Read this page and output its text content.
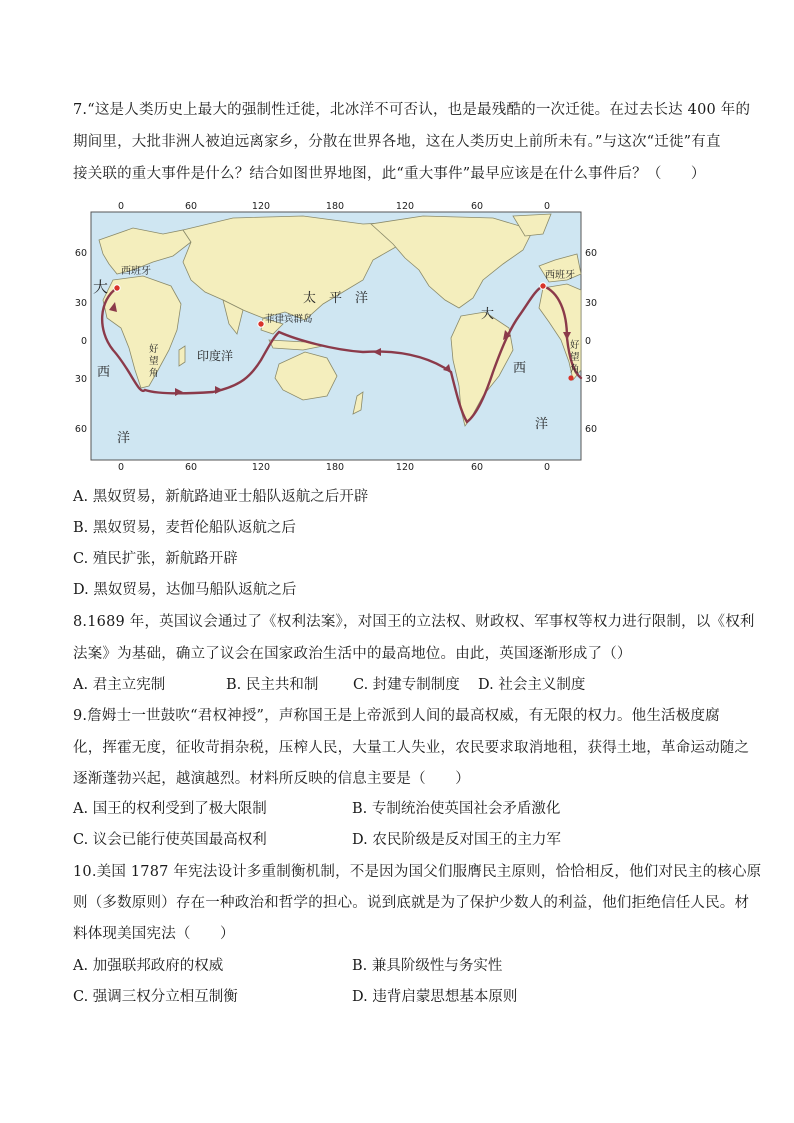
7.“这是人类历史上最大的强制性迁徙，北冰洋不可否认，也是最残酷的一次迁徙。在过去长达 400 年的
期间里，大批非洲人被迫远离家乡，分散在世界各地，这在人类历史上前所未有。”与这次“迁徙”有直
接关联的重大事件是什么？结合如图世界地图，此“重大事件”最早应该是在什么事件后？（　　）
西班牙	西班牙
菲律宾群岛
太　平　洋
大
印度洋
大
西
洋
西
洋
好 望 角
好 望 角
0	60	120	180	120	60	0
0	60	120	180	120	60	0
60
30
0
30
60
60
30
0
30
60
A. 黑奴贸易，新航路迪亚士船队返航之后开辟
B. 黑奴贸易，麦哲伦船队返航之后
C. 殖民扩张，新航路开辟
D. 黑奴贸易，达伽马船队返航之后
8.1689 年，英国议会通过了《权利法案》，对国王的立法权、财政权、军事权等权力进行限制，以《权利
法案》为基础，确立了议会在国家政治生活中的最高地位。由此，英国逐渐形成了（）
A. 君主立宪制	B. 民主共和制 C. 封建专制制度 D. 社会主义制度
9.詹姆士一世鼓吹“君权神授”，声称国王是上帝派到人间的最高权威，有无限的权力。他生活极度腐
化，挥霍无度，征收苛捐杂税，压榨人民，大量工人失业，农民要求取消地租，获得土地，革命运动随之
逐渐蓬勃兴起，越演越烈。材料所反映的信息主要是（　　）
A. 国王的权利受到了极大限制	B. 专制统治使英国社会矛盾激化
C. 议会已能行使英国最高权利	D. 农民阶级是反对国王的主力军
10.美国 1787 年宪法设计多重制衡机制，不是因为国父们服膺民主原则，恰恰相反，他们对民主的核心原
则（多数原则）存在一种政治和哲学的担心。说到底就是为了保护少数人的利益，他们拒绝信任人民。材
料体现美国宪法（　　）
A. 加强联邦政府的权威	B. 兼具阶级性与务实性
C. 强调三权分立相互制衡	D. 违背启蒙思想基本原则
